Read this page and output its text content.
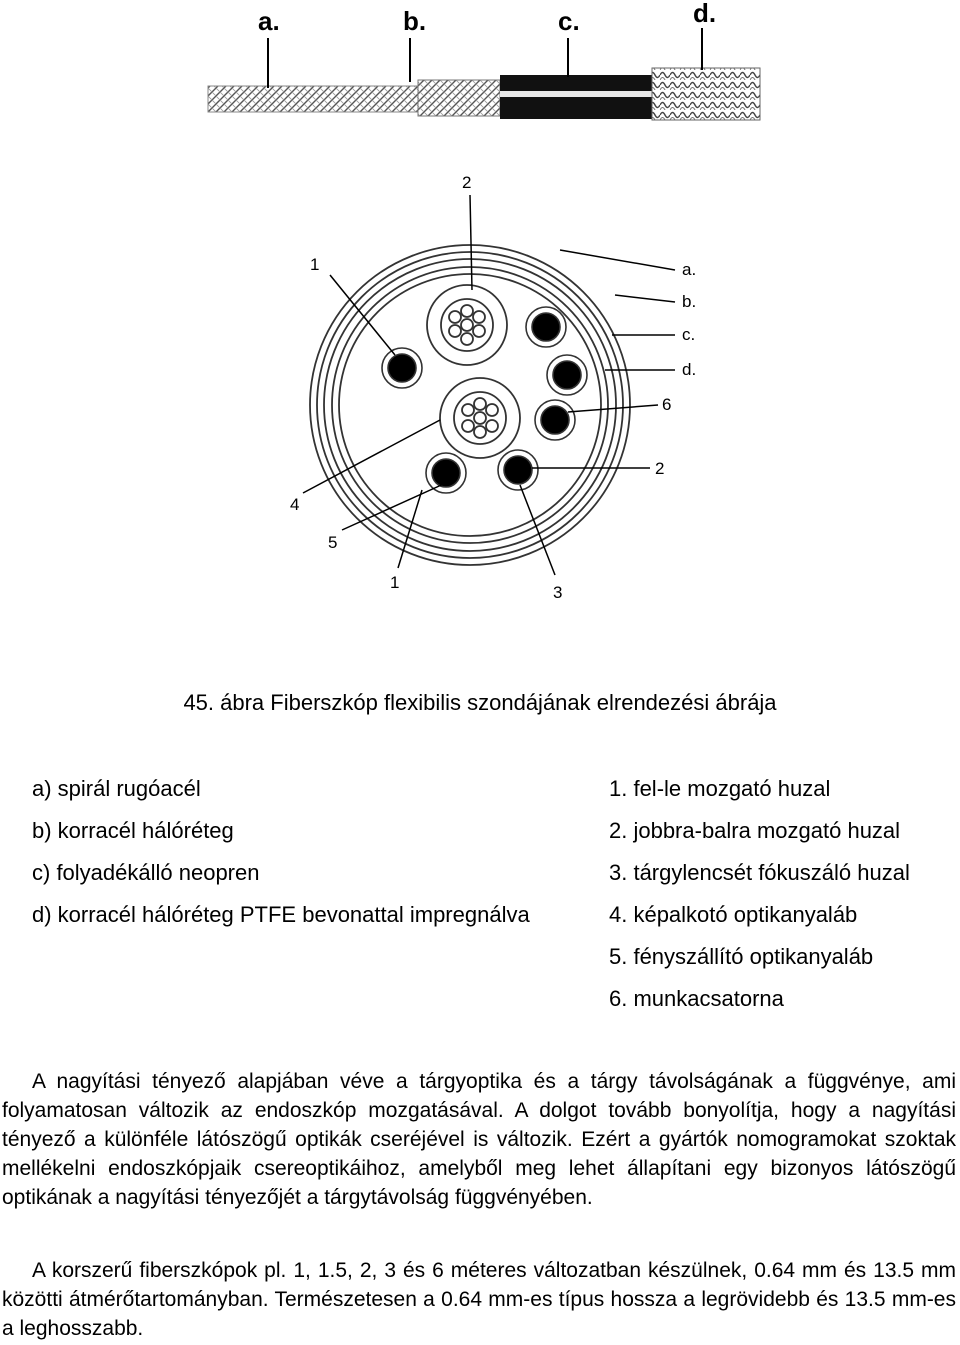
a.	b.	c.	d.
1
2
a.
b.
c.
d.
6
2
4
5
1
3
45. ábra Fiberszkóp flexibilis szondájának elrendezési ábrája
a) spirál rugóacél
b) korracél hálóréteg
c) folyadékálló neopren
d) korracél hálóréteg PTFE bevonattal impregnálva
1. fel-le mozgató huzal
2. jobbra-balra mozgató huzal
3. tárgylencsét fókuszáló huzal
4. képalkotó optikanyaláb
5. fényszállító optikanyaláb
6. munkacsatorna

A nagyítási tényező alapjában véve a tárgyoptika és a tárgy távolságának a függvénye, ami folyamatosan változik az endoszkóp mozgatásával. A dolgot tovább bonyolítja, hogy a nagyítási tényező a különféle látószögű optikák cseréjével is változik. Ezért a gyártók nomogramokat szoktak mellékelni endoszkópjaik csereoptikáihoz, amelyből meg lehet állapítani egy bizonyos látószögű optikának a nagyítási tényezőjét a tárgytávolság függvényében.

A korszerű fiberszkópok pl. 1, 1.5, 2, 3 és 6 méteres változatban készülnek, 0.64 mm és 13.5 mm közötti átmérőtartományban. Természetesen a 0.64 mm-es típus hossza a legrövidebb és 13.5 mm-es a leghosszabb.
